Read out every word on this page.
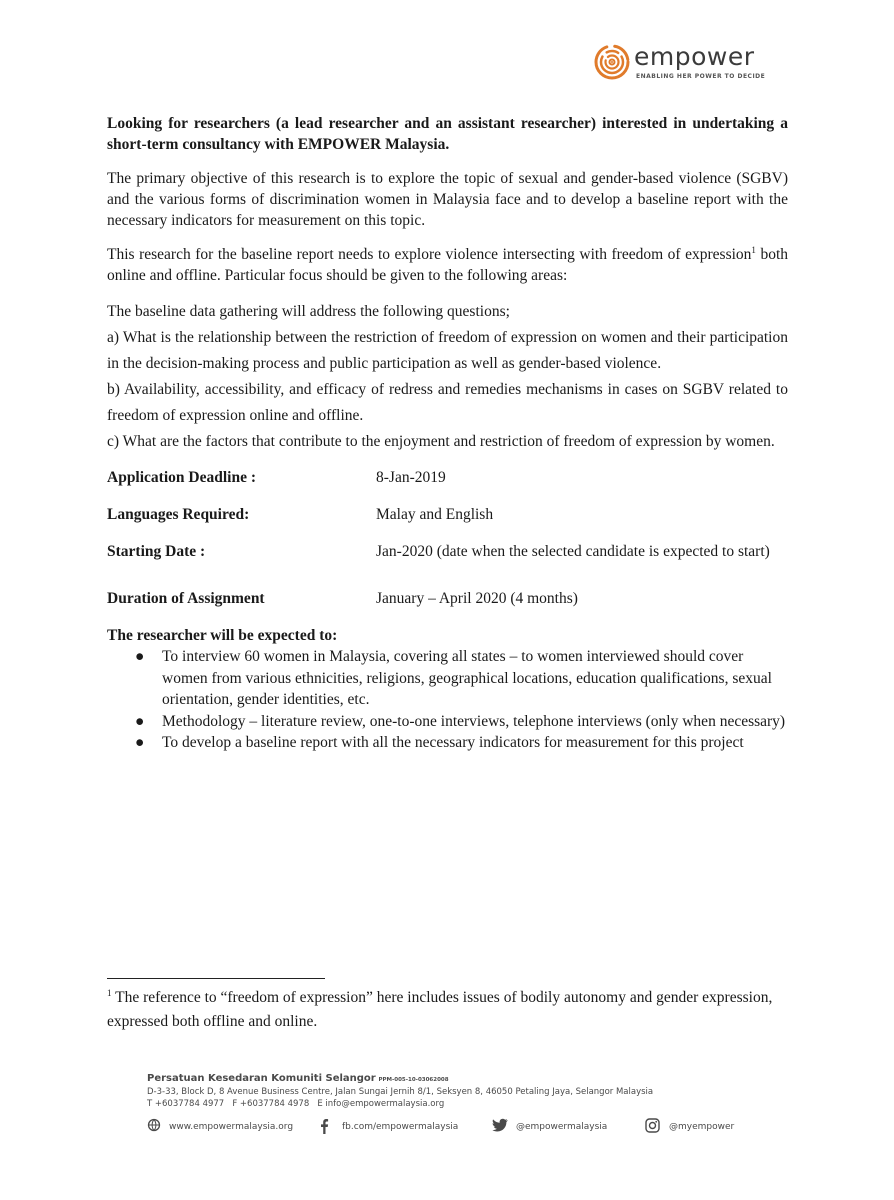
empower
ENABLING HER POWER TO DECIDE

Looking for researchers (a lead researcher and an assistant researcher) interested in undertaking a short-term consultancy with EMPOWER Malaysia.

The primary objective of this research is to explore the topic of sexual and gender-based violence (SGBV) and the various forms of discrimination women in Malaysia face and to develop a baseline report with the necessary indicators for measurement on this topic.

This research for the baseline report needs to explore violence intersecting with freedom of expression$^1$ both online and offline. Particular focus should be given to the following areas:

The baseline data gathering will address the following questions;
a) What is the relationship between the restriction of freedom of expression on women and their participation in the decision-making process and public participation as well as gender-based violence.
b) Availability, accessibility, and efficacy of redress and remedies mechanisms in cases on SGBV related to freedom of expression online and offline.
c) What are the factors that contribute to the enjoyment and restriction of freedom of expression by women.
Application Deadline :	8-Jan-2019
Languages Required:	Malay and English
Starting Date :	Jan-2020 (date when the selected candidate is expected to start)
Duration of Assignment	January – April 2020 (4 months)
The researcher will be expected to:
● To interview 60 women in Malaysia, covering all states – to women interviewed should cover women from various ethnicities, religions, geographical locations, education qualifications, sexual orientation, gender identities, etc.
● Methodology – literature review, one-to-one interviews, telephone interviews (only when necessary)
● To develop a baseline report with all the necessary indicators for measurement for this project
$^1$ The reference to “freedom of expression” here includes issues of bodily autonomy and gender expression, expressed both offline and online.
Persatuan Kesedaran Komuniti Selangor PPM-005-10-03062008
D-3-33, Block D, 8 Avenue Business Centre, Jalan Sungai Jernih 8/1, Seksyen 8, 46050 Petaling Jaya, Selangor Malaysia
T +6037784 4977 F +6037784 4978 E info@empowermalaysia.org
www.empowermalaysia.org	fb.com/empowermalaysia	@empowermalaysia	@myempower
